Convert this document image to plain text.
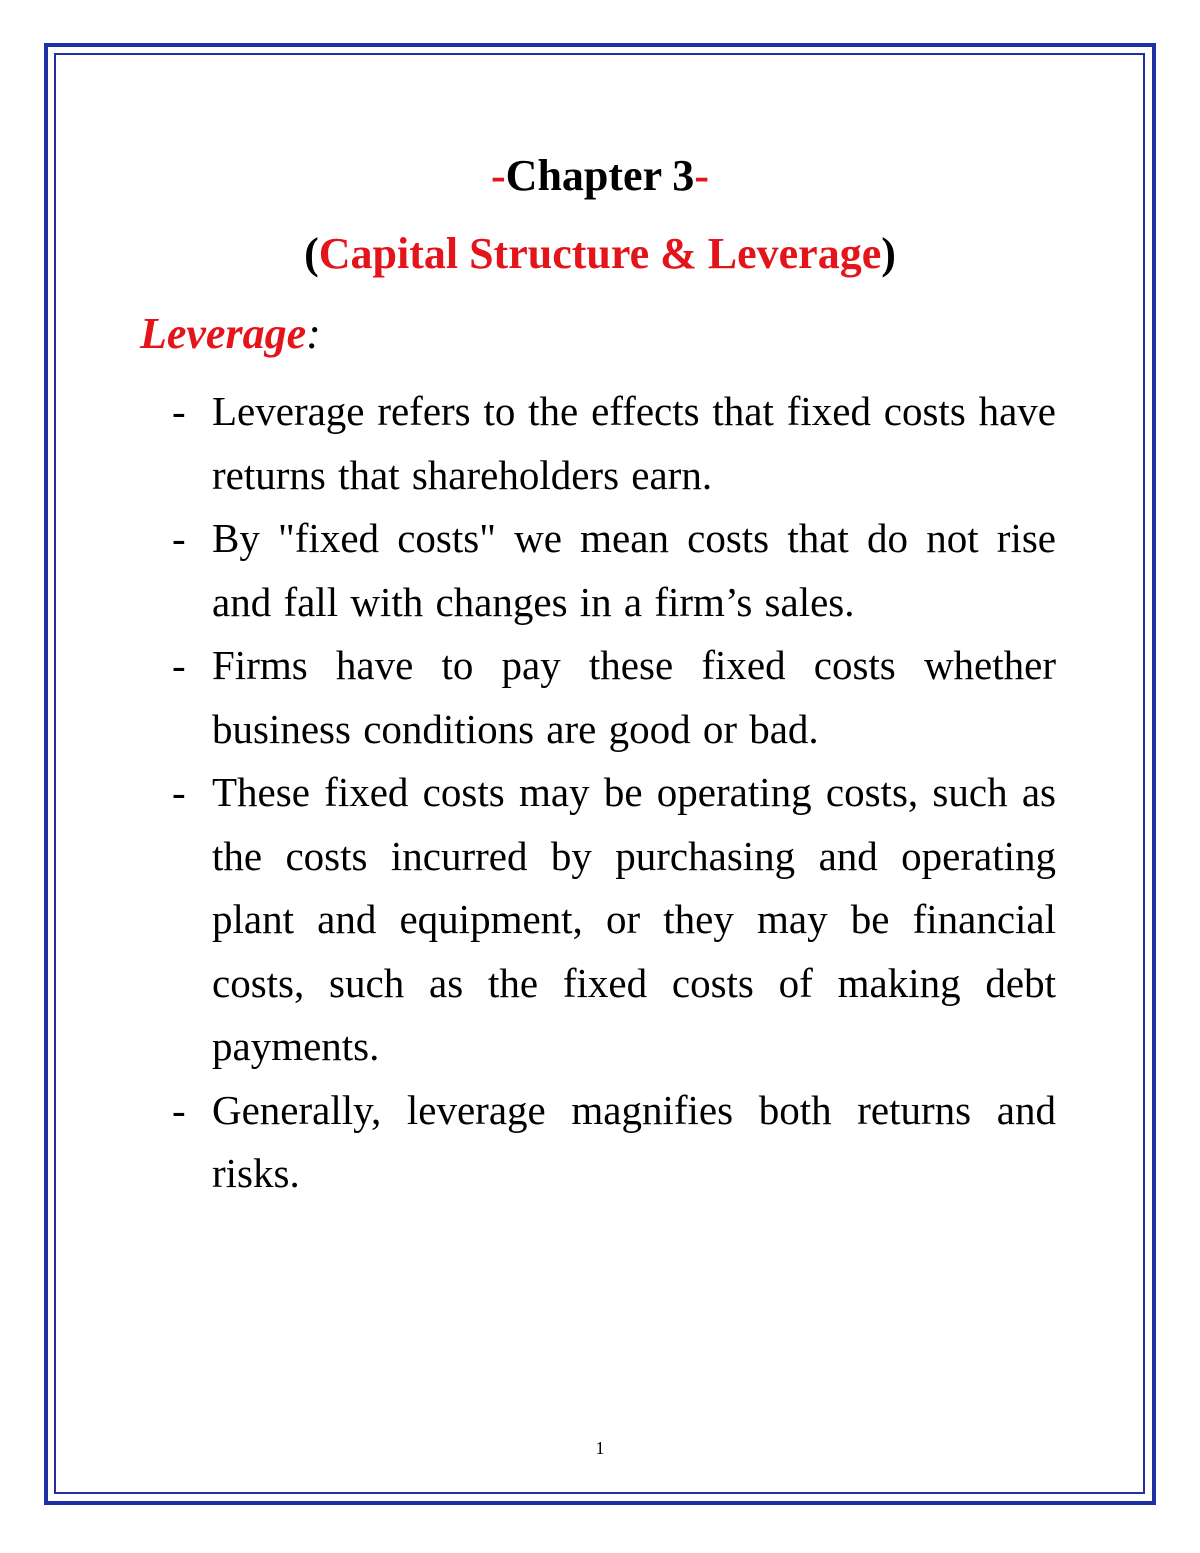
-Chapter 3-
(Capital Structure & Leverage)
Leverage:
- Leverage refers to the effects that fixed costs have returns that shareholders earn.
- By "fixed costs" we mean costs that do not rise and fall with changes in a firm’s sales.
- Firms have to pay these fixed costs whether business conditions are good or bad.
- These fixed costs may be operating costs, such as the costs incurred by purchasing and operating plant and equipment, or they may be financial costs, such as the fixed costs of making debt payments.
- Generally, leverage magnifies both returns and risks.
1
